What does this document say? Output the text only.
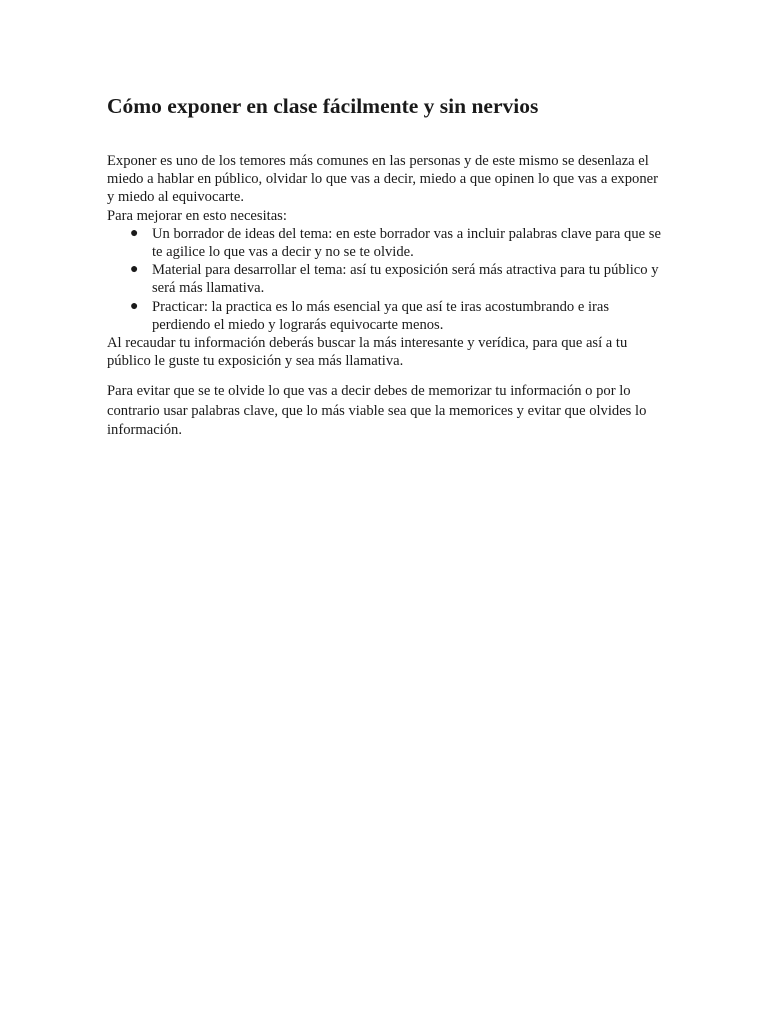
Cómo exponer en clase fácilmente y sin nervios

Exponer es uno de los temores más comunes en las personas y de este mismo se desenlaza el miedo a hablar en público, olvidar lo que vas a decir, miedo a que opinen lo que vas a exponer y miedo al equivocarte.

Para mejorar en esto necesitas:

● Un borrador de ideas del tema: en este borrador vas a incluir palabras clave para que se te agilice lo que vas a decir y no se te olvide.
● Material para desarrollar el tema: así tu exposición será más atractiva para tu público y será más llamativa.
● Practicar: la practica es lo más esencial ya que así te iras acostumbrando e iras perdiendo el miedo y lograrás equivocarte menos.

Al recaudar tu información deberás buscar la más interesante y verídica, para que así a tu público le guste tu exposición y sea más llamativa.

Para evitar que se te olvide lo que vas a decir debes de memorizar tu información o por lo contrario usar palabras clave, que lo más viable sea que la memorices y evitar que olvides lo información.
